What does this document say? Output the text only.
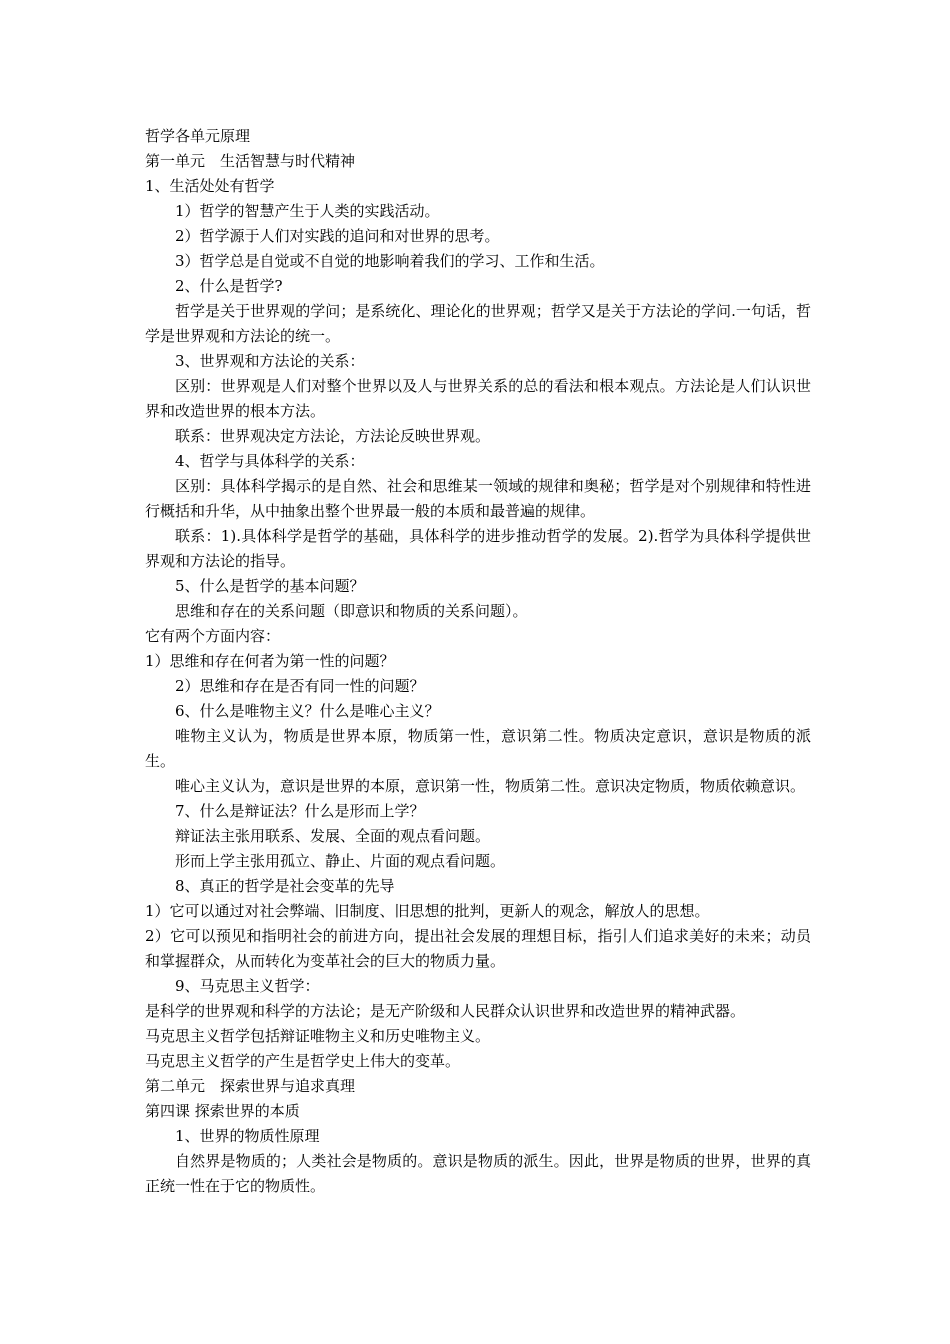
哲学各单元原理

第一单元　生活智慧与时代精神

1、生活处处有哲学

1）哲学的智慧产生于人类的实践活动。

2）哲学源于人们对实践的追问和对世界的思考。

3）哲学总是自觉或不自觉的地影响着我们的学习、工作和生活。

2、什么是哲学?

哲学是关于世界观的学问；是系统化、理论化的世界观；哲学又是关于方法论的学问.一句话，哲学是世界观和方法论的统一。

3、世界观和方法论的关系：

区别：世界观是人们对整个世界以及人与世界关系的总的看法和根本观点。方法论是人们认识世界和改造世界的根本方法。

联系：世界观决定方法论，方法论反映世界观。

4、哲学与具体科学的关系：

区别：具体科学揭示的是自然、社会和思维某一领域的规律和奥秘；哲学是对个别规律和特性进行概括和升华，从中抽象出整个世界最一般的本质和最普遍的规律。

联系：1).具体科学是哲学的基础，具体科学的进步推动哲学的发展。2).哲学为具体科学提供世界观和方法论的指导。

5、什么是哲学的基本问题？

思维和存在的关系问题（即意识和物质的关系问题）。

它有两个方面内容：

1）思维和存在何者为第一性的问题？

2）思维和存在是否有同一性的问题？

6、什么是唯物主义？什么是唯心主义？

唯物主义认为，物质是世界本原，物质第一性，意识第二性。物质决定意识，意识是物质的派生。

唯心主义认为，意识是世界的本原，意识第一性，物质第二性。意识决定物质，物质依赖意识。

7、什么是辩证法？什么是形而上学？

辩证法主张用联系、发展、全面的观点看问题。

形而上学主张用孤立、静止、片面的观点看问题。

8、真正的哲学是社会变革的先导

1）它可以通过对社会弊端、旧制度、旧思想的批判，更新人的观念，解放人的思想。

2）它可以预见和指明社会的前进方向，提出社会发展的理想目标，指引人们追求美好的未来；动员和掌握群众，从而转化为变革社会的巨大的物质力量。

9、马克思主义哲学：

是科学的世界观和科学的方法论；是无产阶级和人民群众认识世界和改造世界的精神武器。

马克思主义哲学包括辩证唯物主义和历史唯物主义。

马克思主义哲学的产生是哲学史上伟大的变革。

第二单元　探索世界与追求真理

第四课 探索世界的本质

1、世界的物质性原理

自然界是物质的；人类社会是物质的。意识是物质的派生。因此，世界是物质的世界，世界的真正统一性在于它的物质性。
